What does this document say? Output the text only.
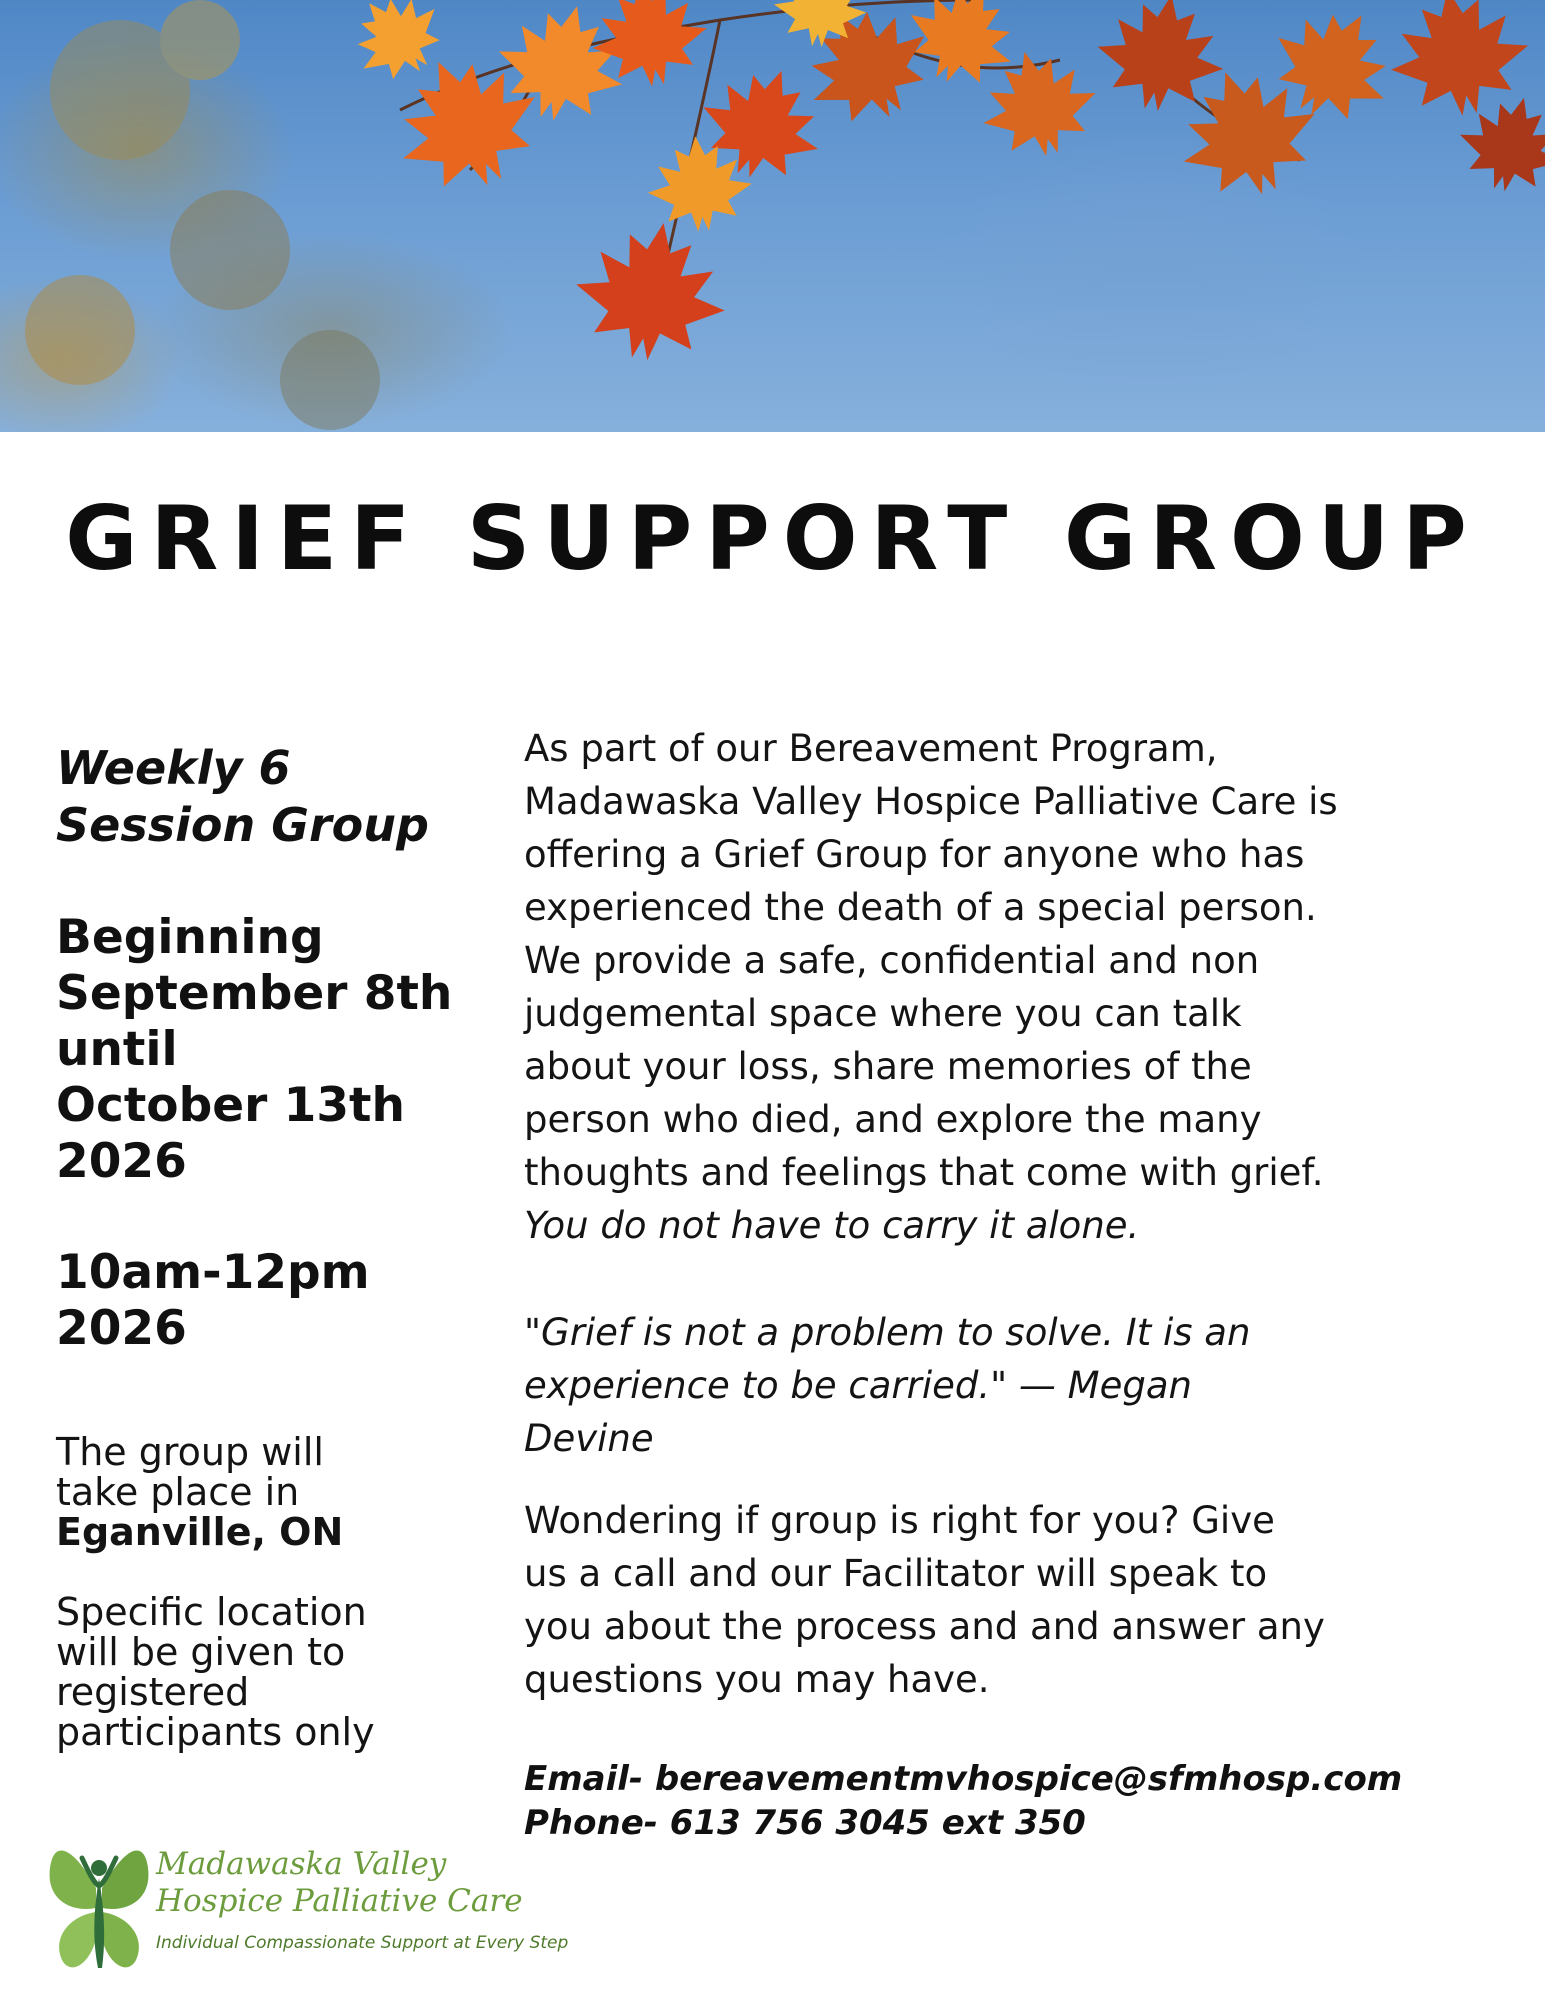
GRIEF SUPPORT GROUP

Weekly 6
Session Group

Beginning
September 8th
until
October 13th
2026

10am-12pm
2026

The group will
take place in
Eganville, ON

Specific location
will be given to
registered
participants only

As part of our Bereavement Program,
Madawaska Valley Hospice Palliative Care is
offering a Grief Group for anyone who has
experienced the death of a special person.
We provide a safe, confidential and non
judgemental space where you can talk
about your loss, share memories of the
person who died, and explore the many
thoughts and feelings that come with grief.
You do not have to carry it alone.

"Grief is not a problem to solve. It is an
experience to be carried." — Megan
Devine

Wondering if group is right for you? Give
us a call and our Facilitator will speak to
you about the process and and answer any
questions you may have.

Email- bereavementmvhospice@sfmhosp.com
Phone- 613 756 3045 ext 350

Madawaska Valley
Hospice Palliative Care

Individual Compassionate Support at Every Step
